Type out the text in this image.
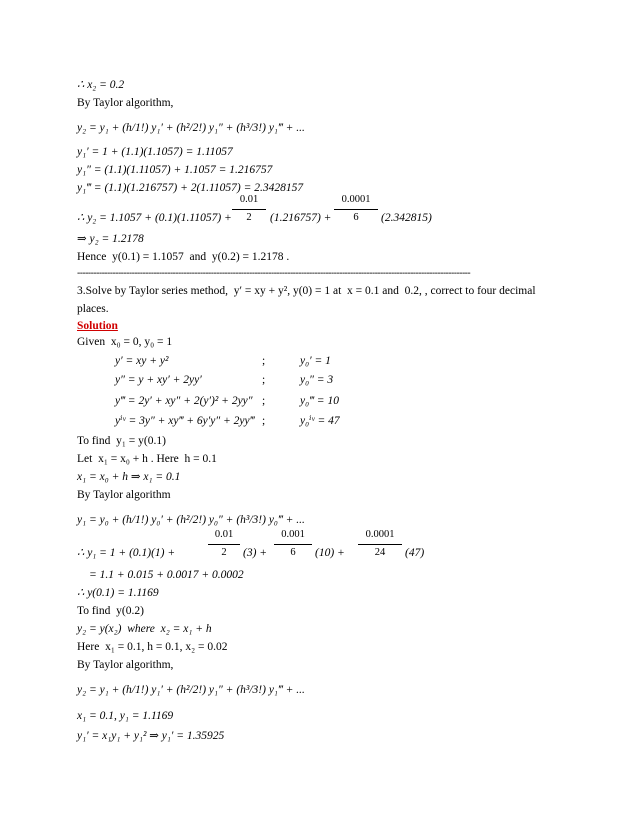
∴ x₂ = 0.2
By Taylor algorithm,
y₂ = y₁ + (h/1!) y₁′ + (h²/2!) y₁″ + (h³/3!) y₁‴ + ...
y₁′ = 1 + (1.1)(1.1057) = 1.11057
y₁″ = (1.1)(1.11057) + 1.1057 = 1.216757
y₁‴ = (1.1)(1.216757) + 2(1.11057) = 2.3428157
∴ y₂ = 1.1057 + (0.1)(1.11057) +
0.01
2	(1.216757) +
0.0001
6	(2.342815)
⇒ y₂ = 1.2178
Hence  y(0.1) = 1.1057  and  y(0.2) = 1.2178 .
------------------------------------------------------------------------------------------------------------------------------------------------
3.Solve by Taylor series method,  y′ = xy + y², y(0) = 1 at  x = 0.1 and  0.2, , correct to four decimal
places.
Solution
Given  x₀ = 0, y₀ = 1
y′ = xy + y²	;	y₀′ = 1
y″ = y + xy′ + 2yy′	;	y₀″ = 3
y‴ = 2y′ + xy″ + 2(y′)² + 2yy″ ;	y₀‴ = 10
yⁱᵛ = 3y″ + xy‴ + 6y′y″ + 2yy‴ ;	y₀ⁱᵛ = 47
To find  y₁ = y(0.1)
Let  x₁ = x₀ + h . Here  h = 0.1
x₁ = x₀ + h ⇒ x₁ = 0.1
By Taylor algorithm
y₁ = y₀ + (h/1!) y₀′ + (h²/2!) y₀″ + (h³/3!) y₀‴ + ...
∴ y₁ = 1 + (0.1)(1) +
0.01
2	(3) +
0.001
6	(10) +
0.0001
24	(47)
= 1.1 + 0.015 + 0.0017 + 0.0002
∴ y(0.1) = 1.1169
To find  y(0.2)
y₂ = y(x₂)  where  x₂ = x₁ + h
Here  x₁ = 0.1, h = 0.1, x₂ = 0.02
By Taylor algorithm,
y₂ = y₁ + (h/1!) y₁′ + (h²/2!) y₁″ + (h³/3!) y₁‴ + ...
x₁ = 0.1, y₁ = 1.1169
y₁′ = x₁y₁ + y₁² ⇒ y₁′ = 1.35925
